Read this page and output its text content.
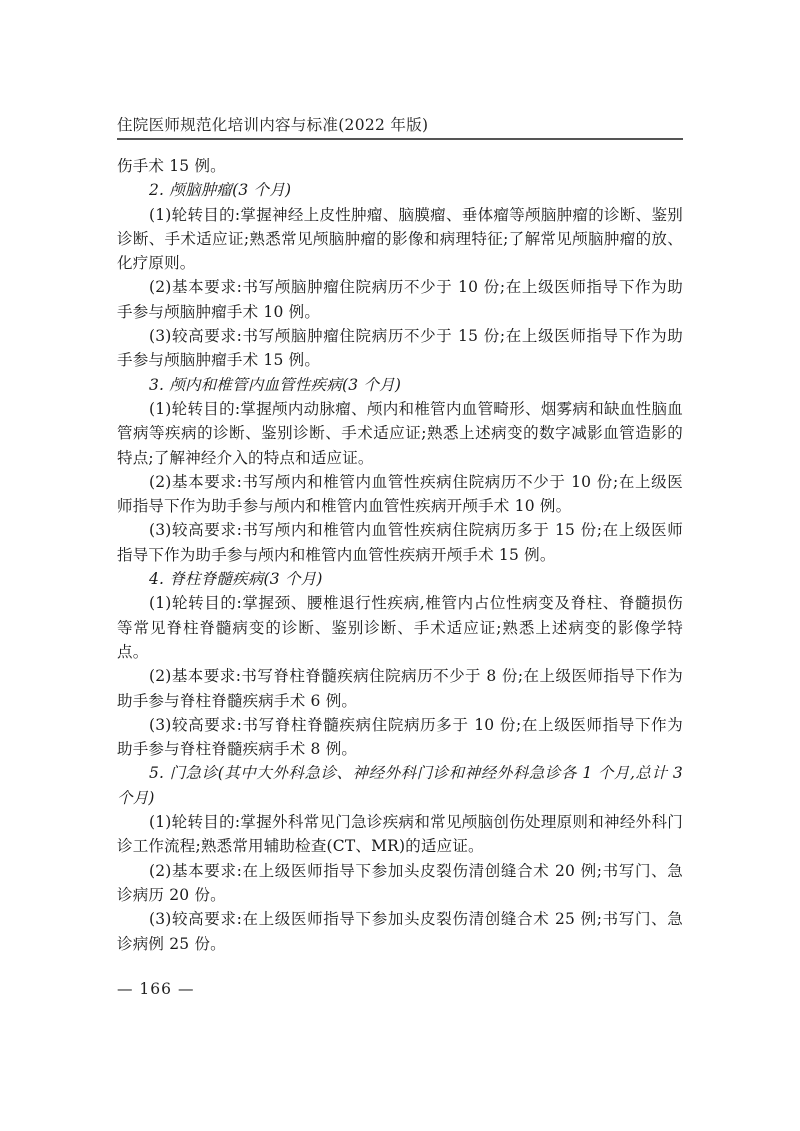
住院医师规范化培训内容与标准(2022 年版)

伤手术 15 例。

2. 颅脑肿瘤(3 个月)

(1)轮转目的:掌握神经上皮性肿瘤、脑膜瘤、垂体瘤等颅脑肿瘤的诊断、鉴别诊断、手术适应证;熟悉常见颅脑肿瘤的影像和病理特征;了解常见颅脑肿瘤的放、化疗原则。

(2)基本要求:书写颅脑肿瘤住院病历不少于 10 份;在上级医师指导下作为助手参与颅脑肿瘤手术 10 例。

(3)较高要求:书写颅脑肿瘤住院病历不少于 15 份;在上级医师指导下作为助手参与颅脑肿瘤手术 15 例。

3. 颅内和椎管内血管性疾病(3 个月)

(1)轮转目的:掌握颅内动脉瘤、颅内和椎管内血管畸形、烟雾病和缺血性脑血管病等疾病的诊断、鉴别诊断、手术适应证;熟悉上述病变的数字减影血管造影的特点;了解神经介入的特点和适应证。

(2)基本要求:书写颅内和椎管内血管性疾病住院病历不少于 10 份;在上级医师指导下作为助手参与颅内和椎管内血管性疾病开颅手术 10 例。

(3)较高要求:书写颅内和椎管内血管性疾病住院病历多于 15 份;在上级医师指导下作为助手参与颅内和椎管内血管性疾病开颅手术 15 例。

4. 脊柱脊髓疾病(3 个月)

(1)轮转目的:掌握颈、腰椎退行性疾病,椎管内占位性病变及脊柱、脊髓损伤等常见脊柱脊髓病变的诊断、鉴别诊断、手术适应证;熟悉上述病变的影像学特点。

(2)基本要求:书写脊柱脊髓疾病住院病历不少于 8 份;在上级医师指导下作为助手参与脊柱脊髓疾病手术 6 例。

(3)较高要求:书写脊柱脊髓疾病住院病历多于 10 份;在上级医师指导下作为助手参与脊柱脊髓疾病手术 8 例。

5. 门急诊(其中大外科急诊、神经外科门诊和神经外科急诊各 1 个月,总计 3 个月)

(1)轮转目的:掌握外科常见门急诊疾病和常见颅脑创伤处理原则和神经外科门诊工作流程;熟悉常用辅助检查(CT、MR)的适应证。

(2)基本要求:在上级医师指导下参加头皮裂伤清创缝合术 20 例;书写门、急诊病历 20 份。

(3)较高要求:在上级医师指导下参加头皮裂伤清创缝合术 25 例;书写门、急诊病例 25 份。

— 166 —
